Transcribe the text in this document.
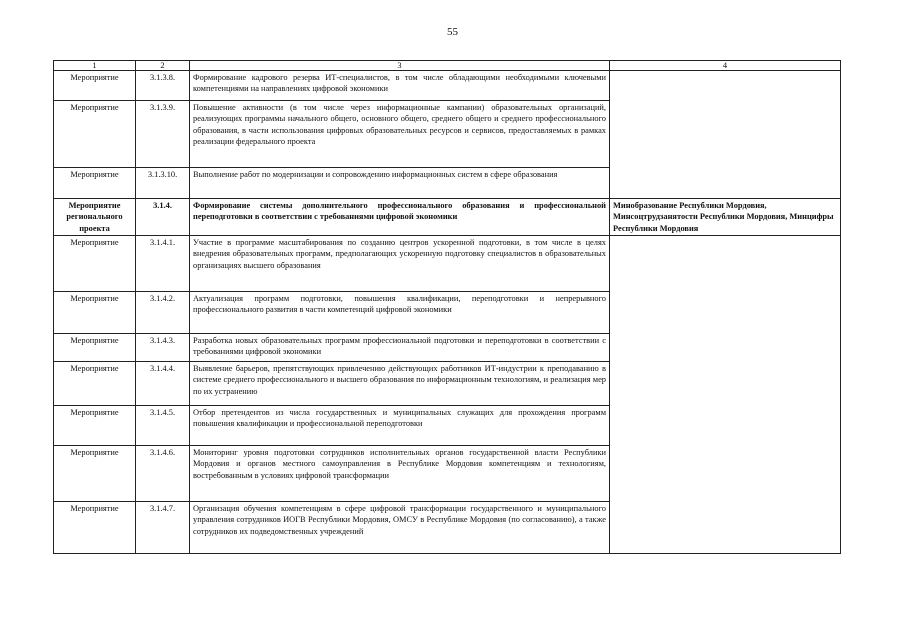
55
1	2	3	4
Мероприятие	3.1.3.8.	Формирование кадрового резерва ИТ-специалистов, в том числе обладающими необходимыми ключевыми компетенциями на направлениях цифровой экономики	
Мероприятие	3.1.3.9.	Повышение активности (в том числе через информационные кампании) образовательных организаций, реализующих программы начального общего, основного общего, среднего общего и среднего профессионального образования, в части использования цифровых образовательных ресурсов и сервисов, предоставляемых в рамках реализации федерального проекта	
Мероприятие	3.1.3.10.	Выполнение работ по модернизации и сопровождению информационных систем в сфере образования	
Мероприятие регионального проекта	3.1.4.	Формирование системы дополнительного профессионального образования и профессиональной переподготовки в соответствии с требованиями цифровой экономики	Минобразование Республики Мордовия, Минсоцтрудзанятости Республики Мордовия, Минцифры Республики Мордовия
Мероприятие	3.1.4.1.	Участие в программе масштабирования по созданию центров ускоренной подготовки, в том числе в целях внедрения образовательных программ, предполагающих ускоренную подготовку специалистов в образовательных организациях высшего образования	
Мероприятие	3.1.4.2.	Актуализация программ подготовки, повышения квалификации, переподготовки и непрерывного профессионального развития в части компетенций цифровой экономики	
Мероприятие	3.1.4.3.	Разработка новых образовательных программ профессиональной подготовки и переподготовки в соответствии с требованиями цифровой экономики	
Мероприятие	3.1.4.4.	Выявление барьеров, препятствующих привлечению действующих работников ИТ-индустрии к преподаванию в системе среднего профессионального и высшего образования по информационным технологиям, и реализация мер по их устранению	
Мероприятие	3.1.4.5.	Отбор претендентов из числа государственных и муниципальных служащих для прохождения программ повышения квалификации и профессиональной переподготовки	
Мероприятие	3.1.4.6.	Мониторинг уровня подготовки сотрудников исполнительных органов государственной власти Республики Мордовия и органов местного самоуправления в Республике Мордовия компетенциям и технологиям, востребованным в условиях цифровой трансформации	
Мероприятие	3.1.4.7.	Организация обучения компетенциям в сфере цифровой трансформации государственного и муниципального управления сотрудников ИОГВ Республики Мордовия, ОМСУ в Республике Мордовия (по согласованию), а также сотрудников их подведомственных учреждений	
